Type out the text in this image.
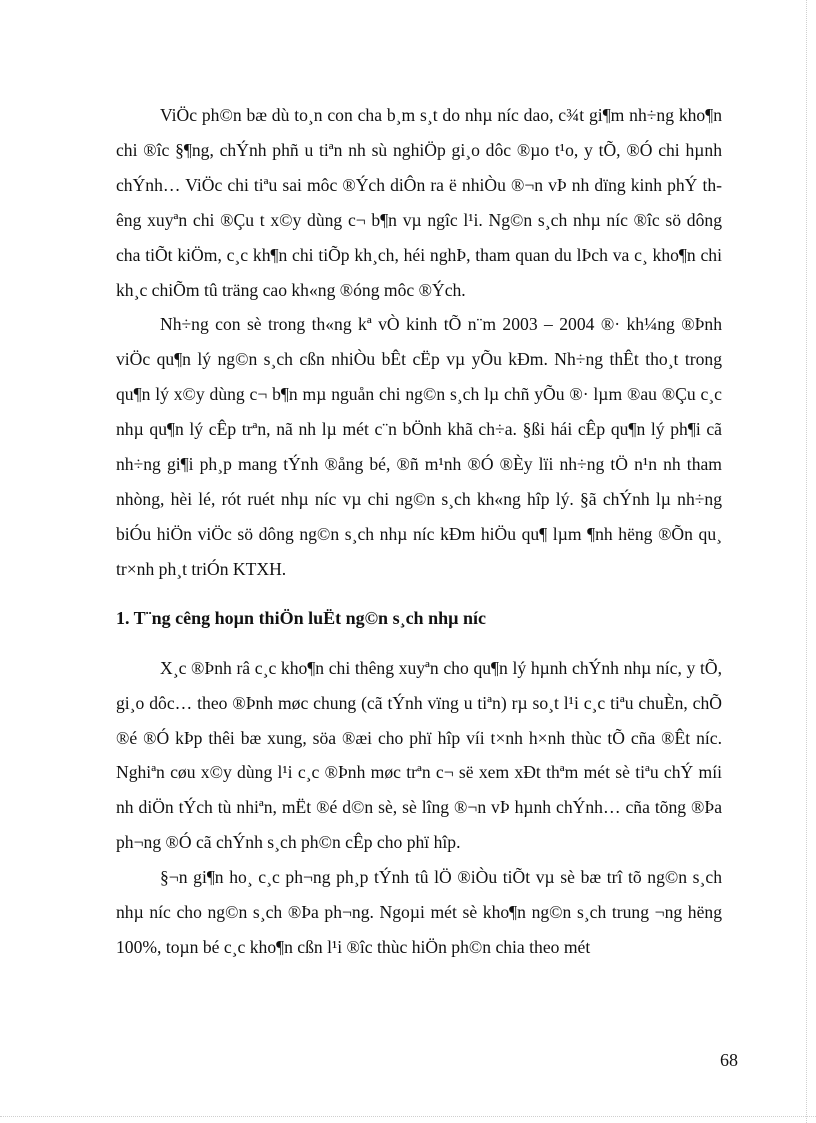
ViÖc ph©n bæ dù to¸n con cha b¸m s¸t do nhµ níc dao, c¾t gi¶m nh÷ng kho¶n chi ®îc §¶ng, chÝnh phñ u tiªn nh sù nghiÖp gi¸o dôc ®µo t¹o, y tÕ, ®Ó chi hµnh chÝnh… ViÖc chi tiªu sai môc ®Ých diÔn ra ë nhiÒu ®¬n vÞ nh dïng kinh phÝ thêng xuyªn chi ®Çu t x©y dùng c¬ b¶n vµ ngîc l¹i. Ng©n s¸ch nhµ níc ®îc sö dông cha tiÕt kiÖm, c¸c kh¶n chi tiÕp kh¸ch, héi nghÞ, tham quan du lÞch va c¸ kho¶n chi kh¸c chiÕm tû träng cao kh«ng ®óng môc ®Ých.

Nh÷ng con sè trong th«ng kª vÒ kinh tÕ n¨m 2003 – 2004 ®· kh¼ng ®Þnh viÖc qu¶n lý ng©n s¸ch cßn nhiÒu bÊt cËp vµ yÕu kÐm. Nh÷ng thÊt tho¸t trong qu¶n lý x©y dùng c¬ b¶n mµ nguån chi ng©n s¸ch lµ chñ yÕu ®· lµm ®au ®Çu c¸c nhµ qu¶n lý cÊp trªn, nã nh lµ mét c¨n bÖnh khã ch÷a. §ßi hái cÊp qu¶n lý ph¶i cã nh÷ng gi¶i ph¸p mang tÝnh ®ång bé, ®ñ m¹nh ®Ó ®Èy lïi nh÷ng tÖ n¹n nh tham nhòng, hèi lé, rót ruét nhµ níc vµ chi ng©n s¸ch kh«ng hîp lý. §ã chÝnh lµ nh÷ng biÓu hiÖn viÖc sö dông ng©n s¸ch nhµ níc kÐm hiÖu qu¶ lµm ¶nh hëng ®Õn qu¸ tr×nh ph¸t triÓn KTXH.

1. T¨ng cêng hoµn thiÖn luËt ng©n s¸ch nhµ níc

X¸c ®Þnh râ c¸c kho¶n chi thêng xuyªn cho qu¶n lý hµnh chÝnh nhµ níc, y tÕ, gi¸o dôc… theo ®Þnh møc chung (cã tÝnh vïng u tiªn) rµ so¸t l¹i c¸c tiªu chuÈn, chÕ ®é ®Ó kÞp thêi bæ xung, söa ®æi cho phï hîp víi t×nh h×nh thùc tÕ cña ®Êt níc. Nghiªn cøu x©y dùng l¹i c¸c ®Þnh møc trªn c¬ së xem xÐt thªm mét sè tiªu chÝ míi nh diÖn tÝch tù nhiªn, mËt ®é d©n sè, sè lîng ®¬n vÞ hµnh chÝnh… cña tõng ®Þa ph¬ng ®Ó cã chÝnh s¸ch ph©n cÊp cho phï hîp.

§¬n gi¶n ho¸ c¸c ph¬ng ph¸p tÝnh tû lÖ ®iÒu tiÕt vµ sè bæ trî tõ ng©n s¸ch nhµ níc cho ng©n s¸ch ®Þa ph¬ng. Ngoµi mét sè kho¶n ng©n s¸ch trung ¬ng hëng 100%, toµn bé c¸c kho¶n cßn l¹i ®îc thùc hiÖn ph©n chia theo mét

68
